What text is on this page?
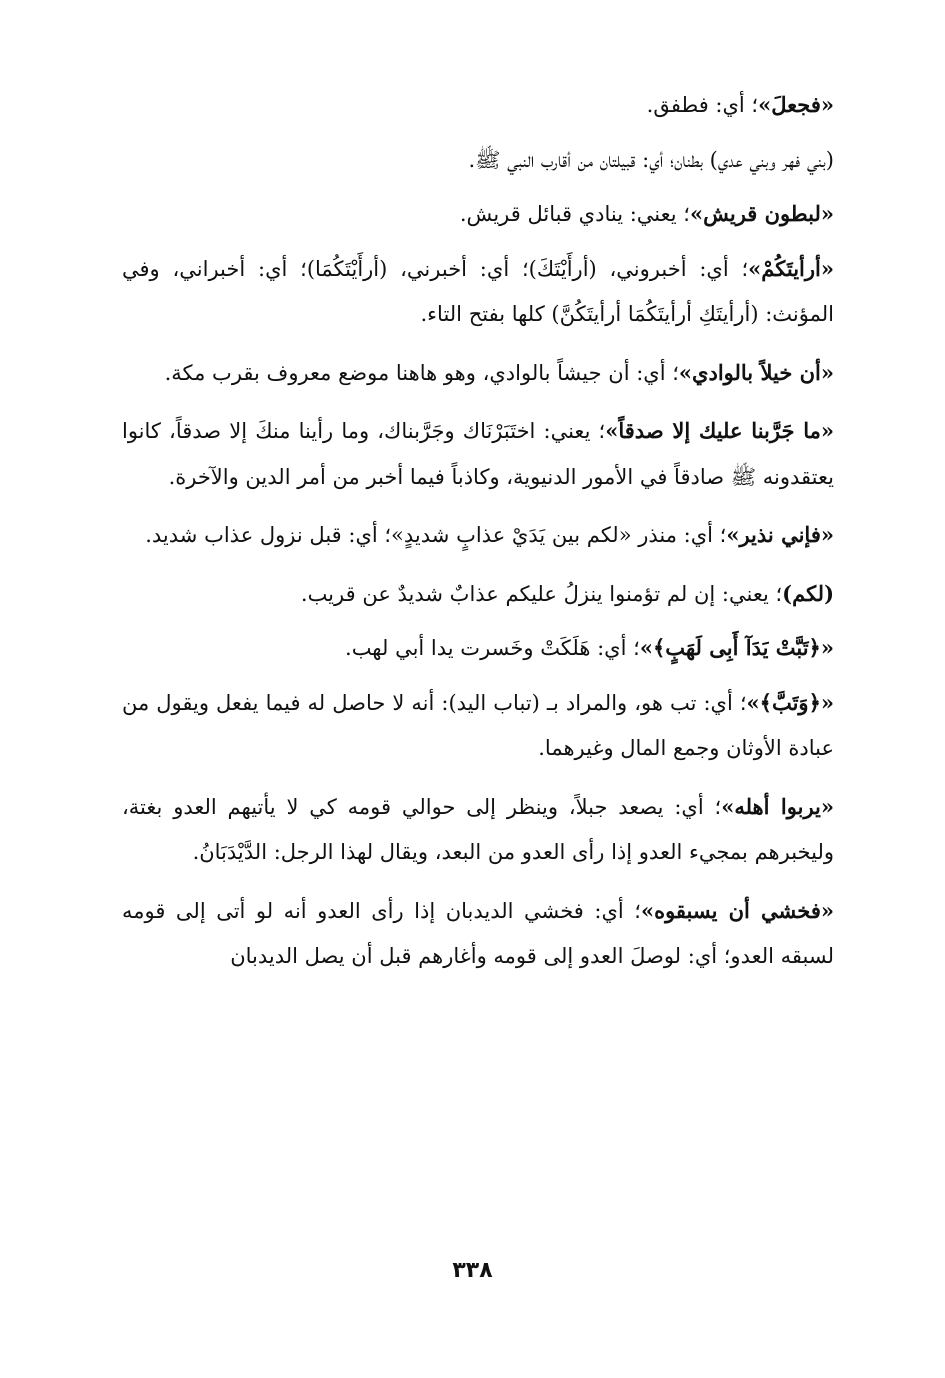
«فجعلَ»؛ أي: فطفق.

(بني فهر وبني عدي) بطنان؛ أي: قبيلتان من أقارب النبي ﷺ.

«لبطون قريش»؛ يعني: ينادي قبائل قريش.

«أرأيتَكُمْ»؛ أي: أخبروني، (أرأَيْتَكَ)؛ أي: أخبرني، (أرأَيْتَكُمَا)؛ أي: أخبراني، وفي المؤنث: (أرأيتَكِ أرأيتَكُمَا أرأيتَكُنَّ) كلها بفتح التاء.

«أن خيلاً بالوادي»؛ أي: أن جيشاً بالوادي، وهو هاهنا موضع معروف بقرب مكة.

«ما جَرَّبنا عليك إلا صدقاً»؛ يعني: اختَبَرْنَاك وجَرَّبناك، وما رأينا منكَ إلا صدقاً، كانوا يعتقدونه ﷺ صادقاً في الأمور الدنيوية، وكاذباً فيما أخبر من أمر الدين والآخرة.

«فإني نذير»؛ أي: منذر «لكم بين يَدَيْ عذابٍ شديدٍ»؛ أي: قبل نزول عذاب شديد.

(لكم)؛ يعني: إن لم تؤمنوا ينزلُ عليكم عذابٌ شديدٌ عن قريب.

«﴿تَبَّتْ يَدَآ أَبِى لَهَبٍ﴾»؛ أي: هَلَكَتْ وخَسرت يدا أبي لهب.

«﴿وَتَبَّ﴾»؛ أي: تب هو، والمراد بـ (تباب اليد): أنه لا حاصل له فيما يفعل ويقول من عبادة الأوثان وجمع المال وغيرهما.

«يربوا أهله»؛ أي: يصعد جبلاً، وينظر إلى حوالي قومه كي لا يأتيهم العدو بغتة، وليخبرهم بمجيء العدو إذا رأى العدو من البعد، ويقال لهذا الرجل: الدَّيْدَبَانُ.

«فخشي أن يسبقوه»؛ أي: فخشي الديدبان إذا رأى العدو أنه لو أتى إلى قومه لسبقه العدو؛ أي: لوصلَ العدو إلى قومه وأغارهم قبل أن يصل الديدبان

٣٣٨
